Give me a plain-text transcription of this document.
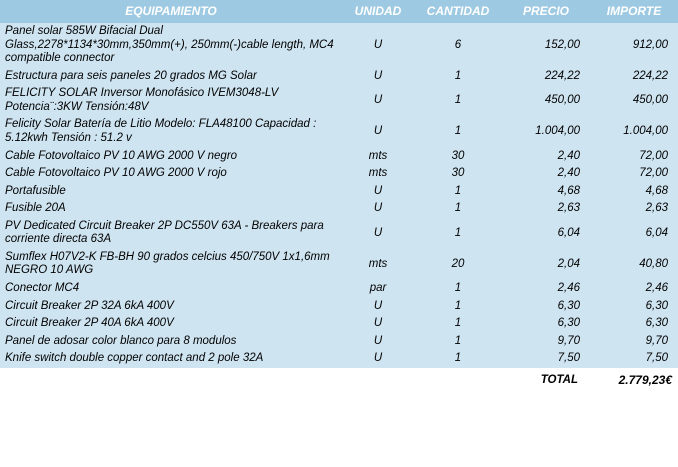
EQUIPAMIENTO	UNIDAD	CANTIDAD	PRECIO	IMPORTE
Panel solar 585W Bifacial Dual Glass,2278*1134*30mm,350mm(+), 250mm(-)cable length, MC4 compatible connector	U	6	152,00	912,00
Estructura para seis paneles 20 grados MG Solar	U	1	224,22	224,22
FELICITY SOLAR Inversor Monofásico IVEM3048-LV Potencia¨:3KW Tensión:48V	U	1	450,00	450,00
Felicity Solar Batería de Litio Modelo: FLA48100 Capacidad : 5.12kwh Tensión : 51.2 v	U	1	1.004,00	1.004,00
Cable Fotovoltaico PV 10 AWG 2000 V negro	mts	30	2,40	72,00
Cable Fotovoltaico PV 10 AWG 2000 V rojo	mts	30	2,40	72,00
Portafusible	U	1	4,68	4,68
Fusible 20A	U	1	2,63	2,63
PV Dedicated Circuit Breaker 2P DC550V 63A - Breakers para corriente directa 63A	U	1	6,04	6,04
Sumflex H07V2-K FB-BH 90 grados celcius 450/750V 1x1,6mm NEGRO 10 AWG	mts	20	2,04	40,80
Conector MC4	par	1	2,46	2,46
Circuit Breaker 2P 32A 6kA 400V	U	1	6,30	6,30
Circuit Breaker 2P 40A 6kA 400V	U	1	6,30	6,30
Panel de adosar color blanco para 8 modulos	U	1	9,70	9,70
Knife switch double copper contact and 2 pole 32A	U	1	7,50	7,50
			TOTAL	2.779,23€
